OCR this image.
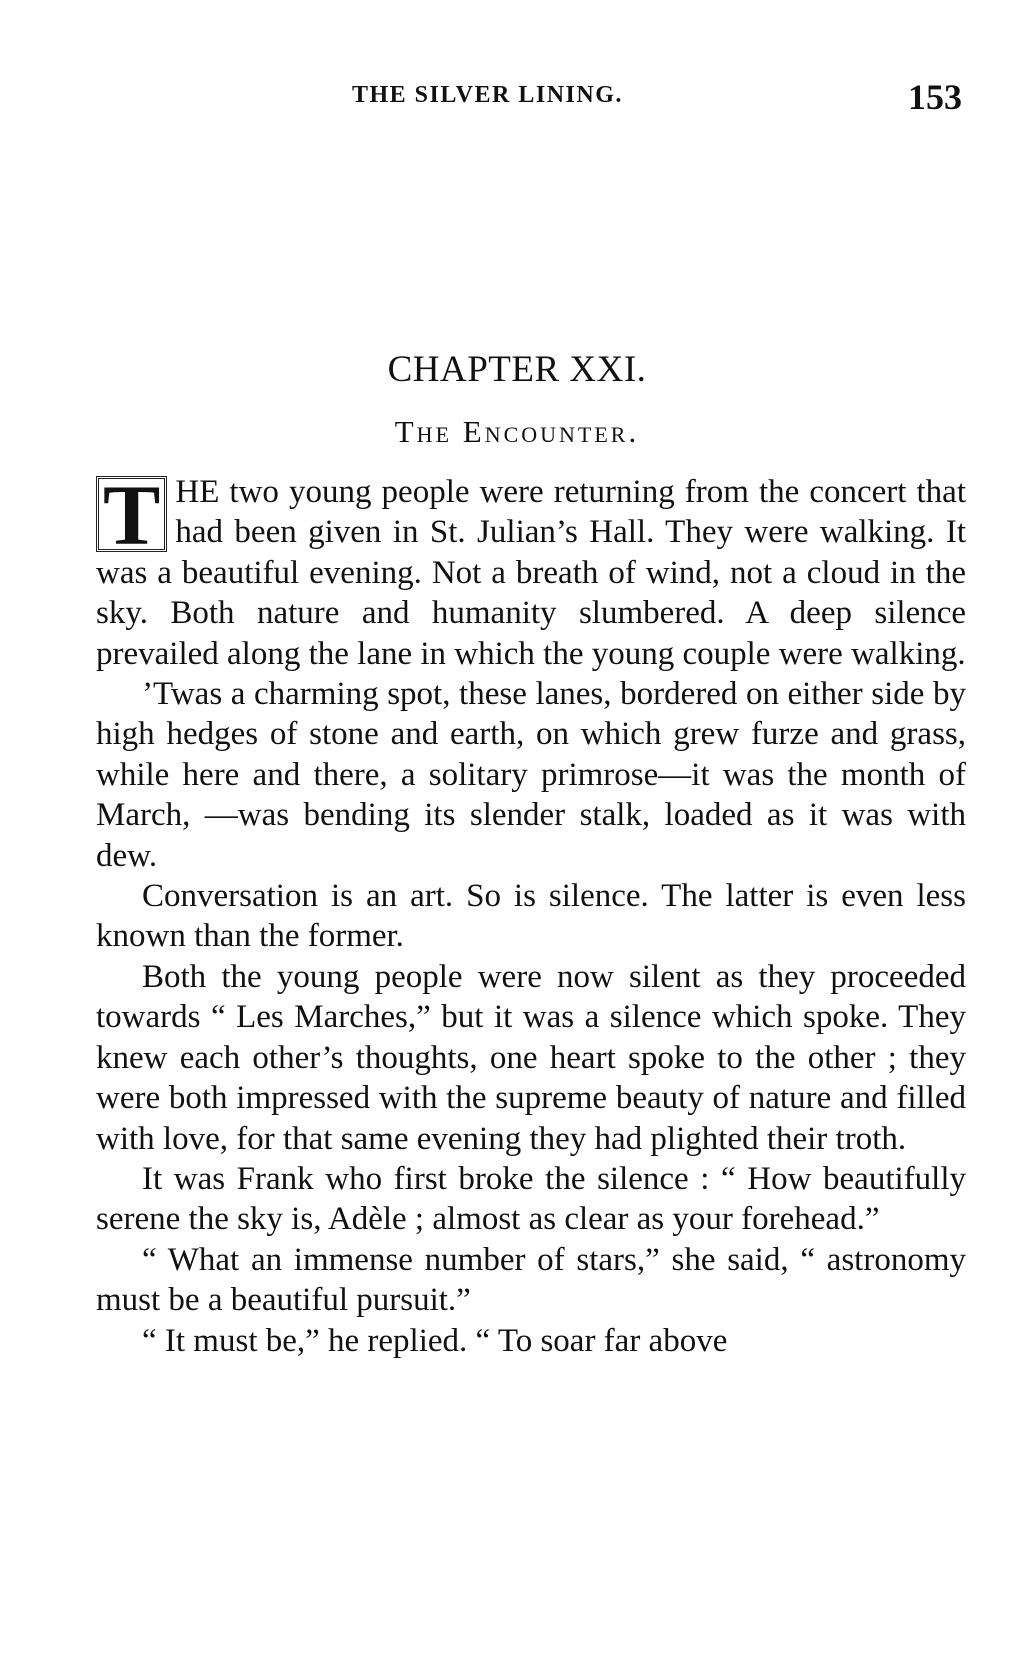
THE SILVER LINING.	153
CHAPTER XXI.
The Encounter.

T HE two young people were returning from the concert that had been given in St. Julian’s Hall. They were walking. It was a beautiful evening. Not a breath of wind, not a cloud in the sky. Both nature and humanity slumbered. A deep silence prevailed along the lane in which the young couple were walking.

’Twas a charming spot, these lanes, bordered on either side by high hedges of stone and earth, on which grew furze and grass, while here and there, a solitary primrose—it was the month of March, —was bending its slender stalk, loaded as it was with dew.

Conversation is an art. So is silence. The latter is even less known than the former.

Both the young people were now silent as they proceeded towards “ Les Marches,” but it was a silence which spoke. They knew each other’s thoughts, one heart spoke to the other ; they were both impressed with the supreme beauty of nature and filled with love, for that same evening they had plighted their troth.

It was Frank who first broke the silence : “ How beautifully serene the sky is, Adèle ; almost as clear as your forehead.”

“ What an immense number of stars,” she said, “ astronomy must be a beautiful pursuit.”

“ It must be,” he replied. “ To soar far above
